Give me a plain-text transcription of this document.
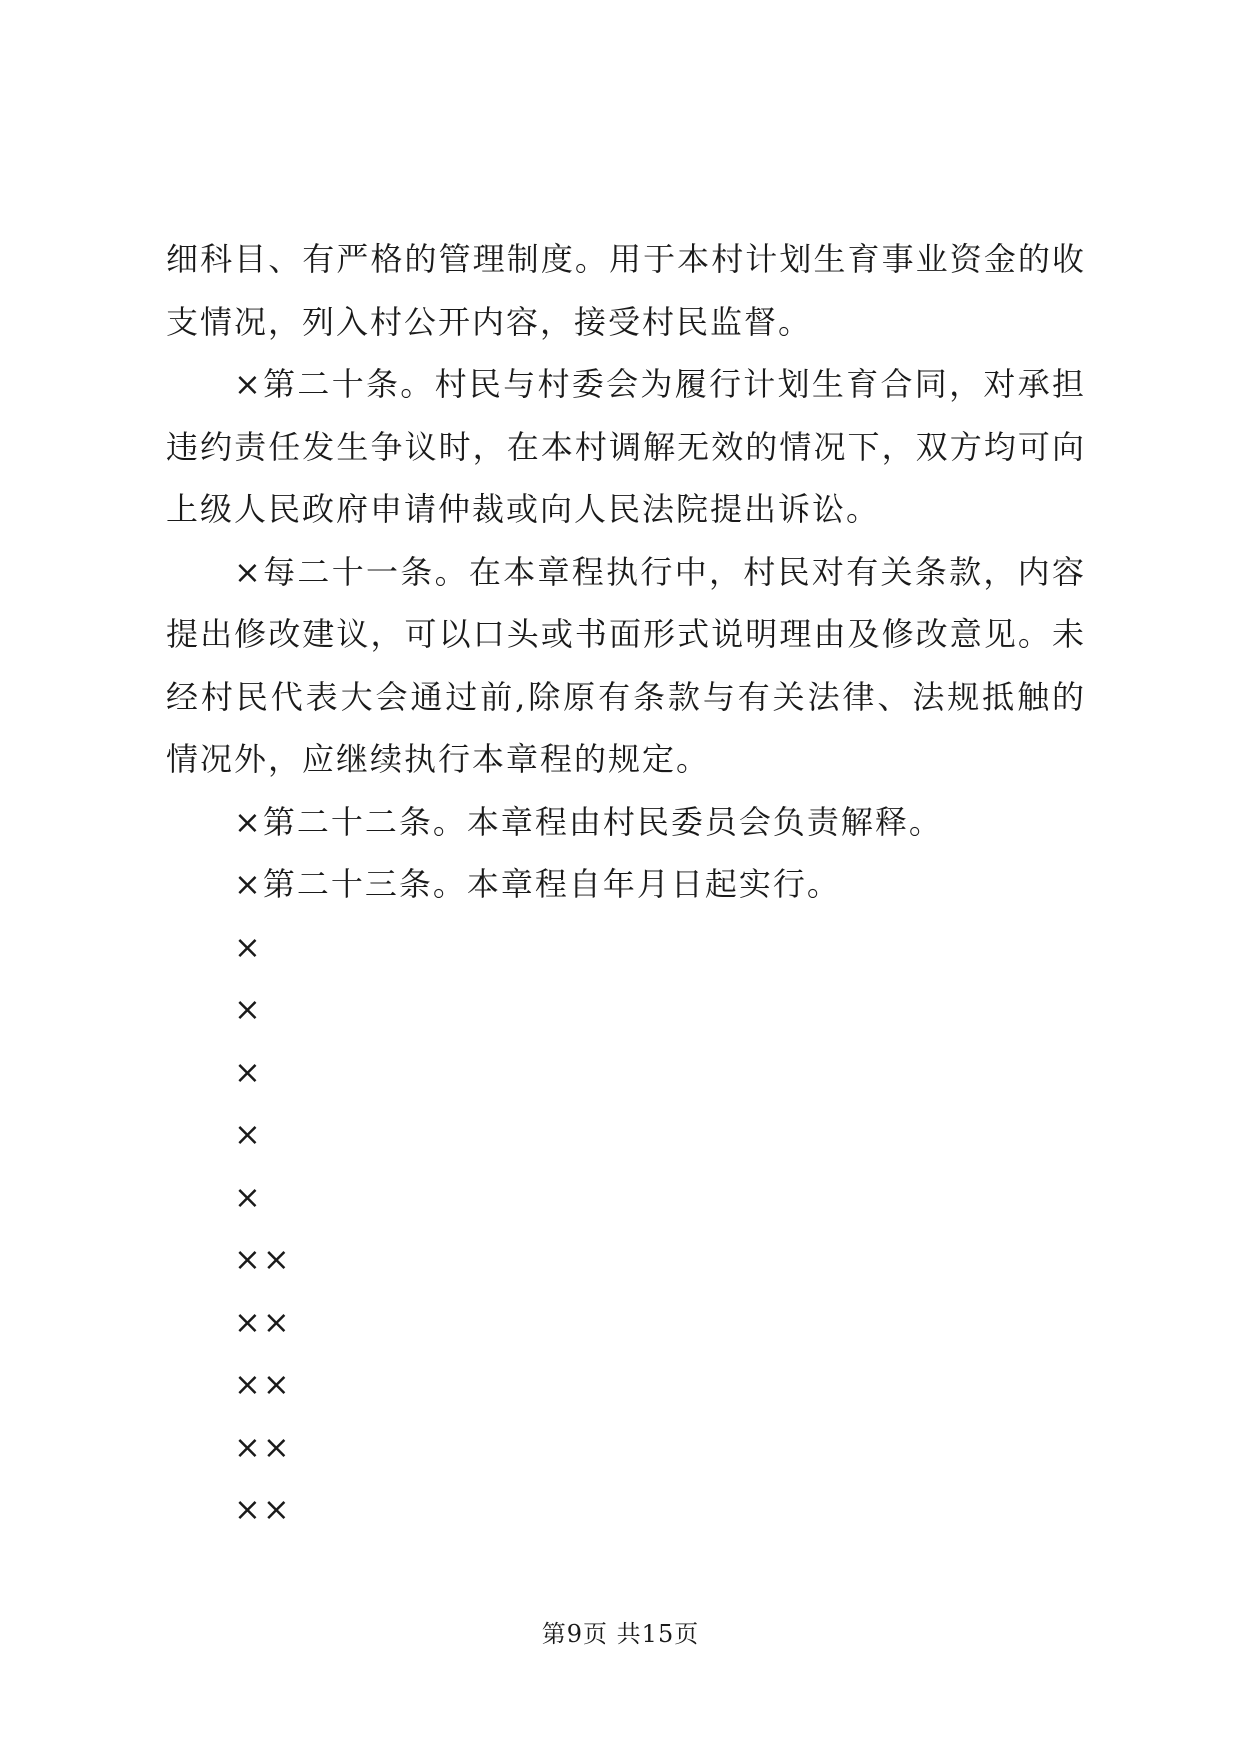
细科目、有严格的管理制度。用于本村计划生育事业资金的收支情况，列入村公开内容，接受村民监督。

×第二十条。村民与村委会为履行计划生育合同，对承担违约责任发生争议时，在本村调解无效的情况下，双方均可向上级人民政府申请仲裁或向人民法院提出诉讼。

×每二十一条。在本章程执行中，村民对有关条款，内容提出修改建议，可以口头或书面形式说明理由及修改意见。未经村民代表大会通过前,除原有条款与有关法律、法规抵触的情况外，应继续执行本章程的规定。

×第二十二条。本章程由村民委员会负责解释。

×第二十三条。本章程自年月日起实行。

×

×

×

×

×

××

××

××

××

××

第9页 共15页
